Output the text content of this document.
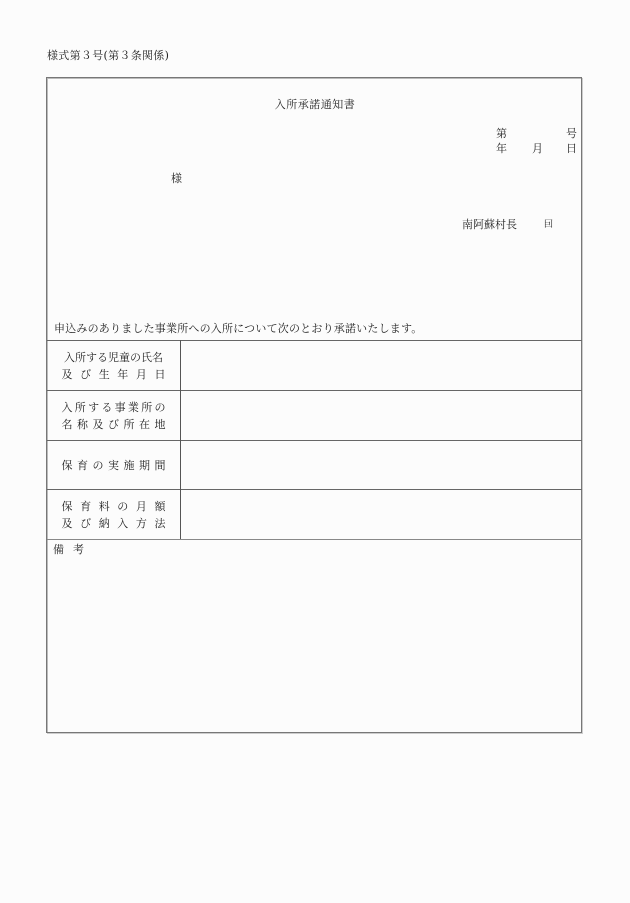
様式第３号(第３条関係)
入所承諾通知書
第	号
年 月 日
様
南阿蘇村長	囙
申込みのありました事業所への入所について次のとおり承諾いたします。
入所する児童の氏名
及び生年月日
入所する事業所の
名称及び所在地
保育の実施期間
保育料の月額
及び納入方法
備考
